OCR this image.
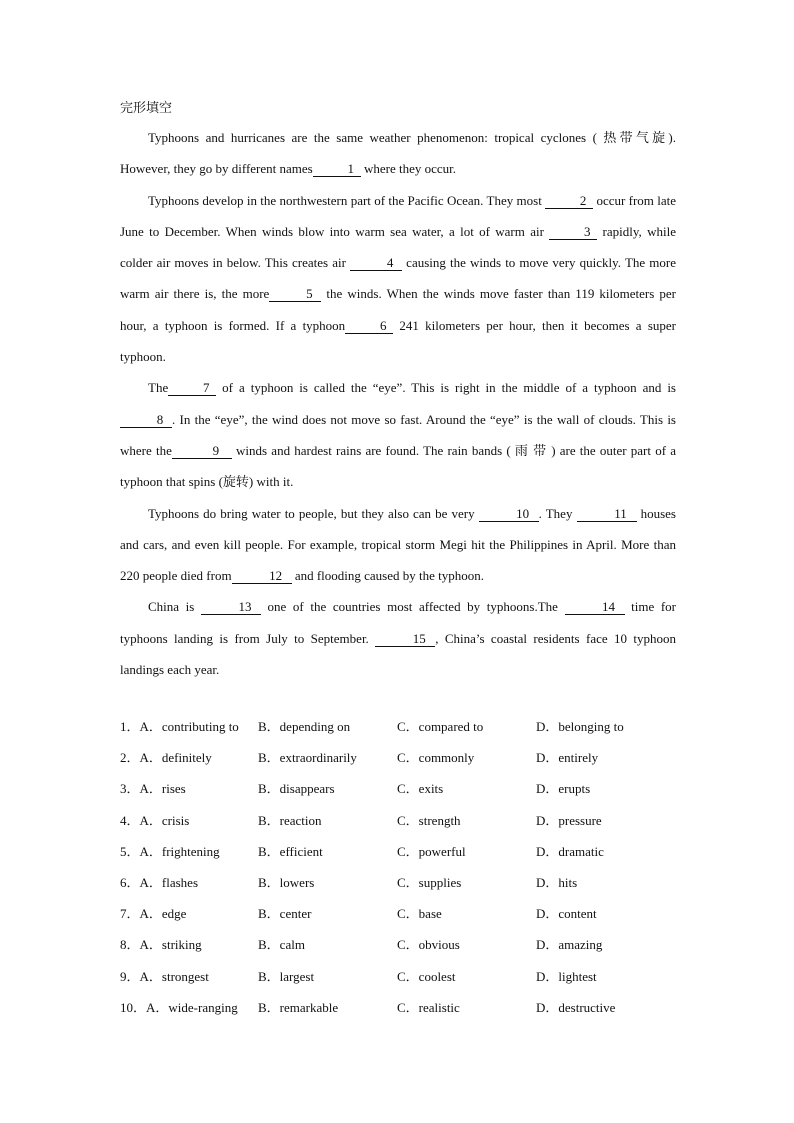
完形填空

Typhoons and hurricanes are the same weather phenomenon: tropical cyclones ( 热带气旋). However, they go by different names	1 where they occur.

Typhoons develop in the northwestern part of the Pacific Ocean. They most	2 occur from late June to December. When winds blow into warm sea water, a lot of warm air	3 rapidly, while colder air moves in below. This creates air	4 causing the winds to move very quickly. The more warm air there is, the more	5 the winds. When the winds move faster than 119 kilometers per hour, a typhoon is formed. If a typhoon	6 241 kilometers per hour, then it becomes a super typhoon.

The	7 of a typhoon is called the “eye”. This is right in the middle of a typhoon and is 8 . In the “eye”, the wind does not move so fast. Around the “eye” is the wall of clouds. This is where the	9 winds and hardest rains are found. The rain bands ( 雨 带 ) are the outer part of a typhoon that spins (旋转) with it.

Typhoons do bring water to people, but they also can be very	10 . They	11 houses and cars, and even kill people. For example, tropical storm Megi hit the Philippines in April. More than 220 people died from	12 and flooding caused by the typhoon.

China is	13 one of the countries most affected by typhoons.The	14 time for typhoons landing is from July to September.	15 , China’s coastal residents face 10 typhoon landings each year.

1．A．contributing to	B．depending on	C．compared to	D．belonging to
2．A．definitely	B．extraordinarily	C．commonly	D．entirely
3．A．rises	B．disappears	C．exits	D．erupts
4．A．crisis	B．reaction	C．strength	D．pressure
5．A．frightening	B．efficient	C．powerful	D．dramatic
6．A．flashes	B．lowers	C．supplies	D．hits
7．A．edge	B．center	C．base	D．content
8．A．striking	B．calm	C．obvious	D．amazing
9．A．strongest	B．largest	C．coolest	D．lightest
10．A．wide-ranging	B．remarkable	C．realistic	D．destructive
